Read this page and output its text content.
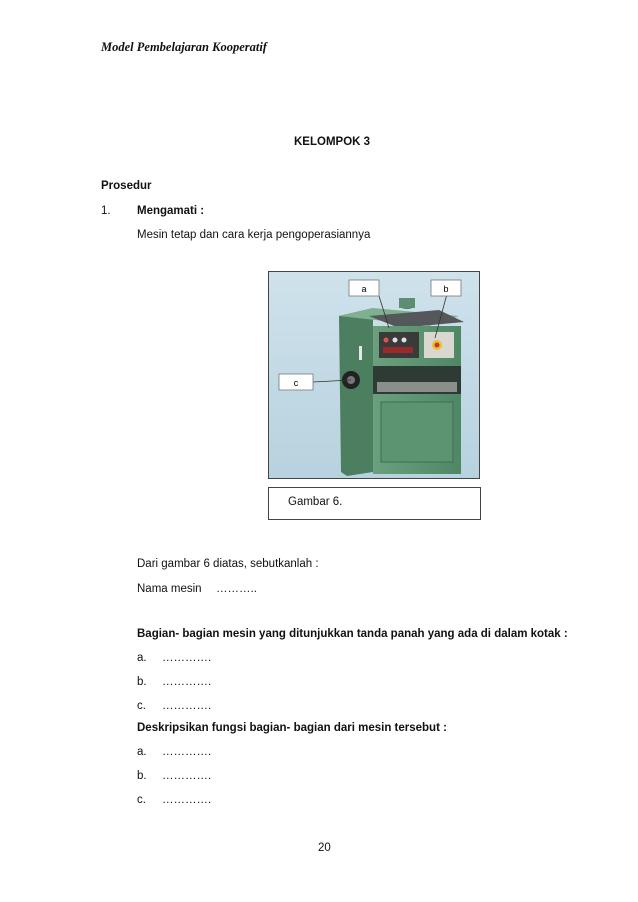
Model Pembelajaran Kooperatif
KELOMPOK 3
Prosedur
1. Mengamati :
Mesin tetap dan cara kerja pengoperasiannya
a	b
c
Gambar 6.
Dari gambar 6 diatas, sebutkanlah :
Nama mesin ………..
Bagian- bagian mesin yang ditunjukkan tanda panah yang ada di dalam kotak :
a. ………….
b. ………….
c. ………….
Deskripsikan fungsi bagian- bagian dari mesin tersebut :
a. ………….
b. ………….
c. ………….
20
